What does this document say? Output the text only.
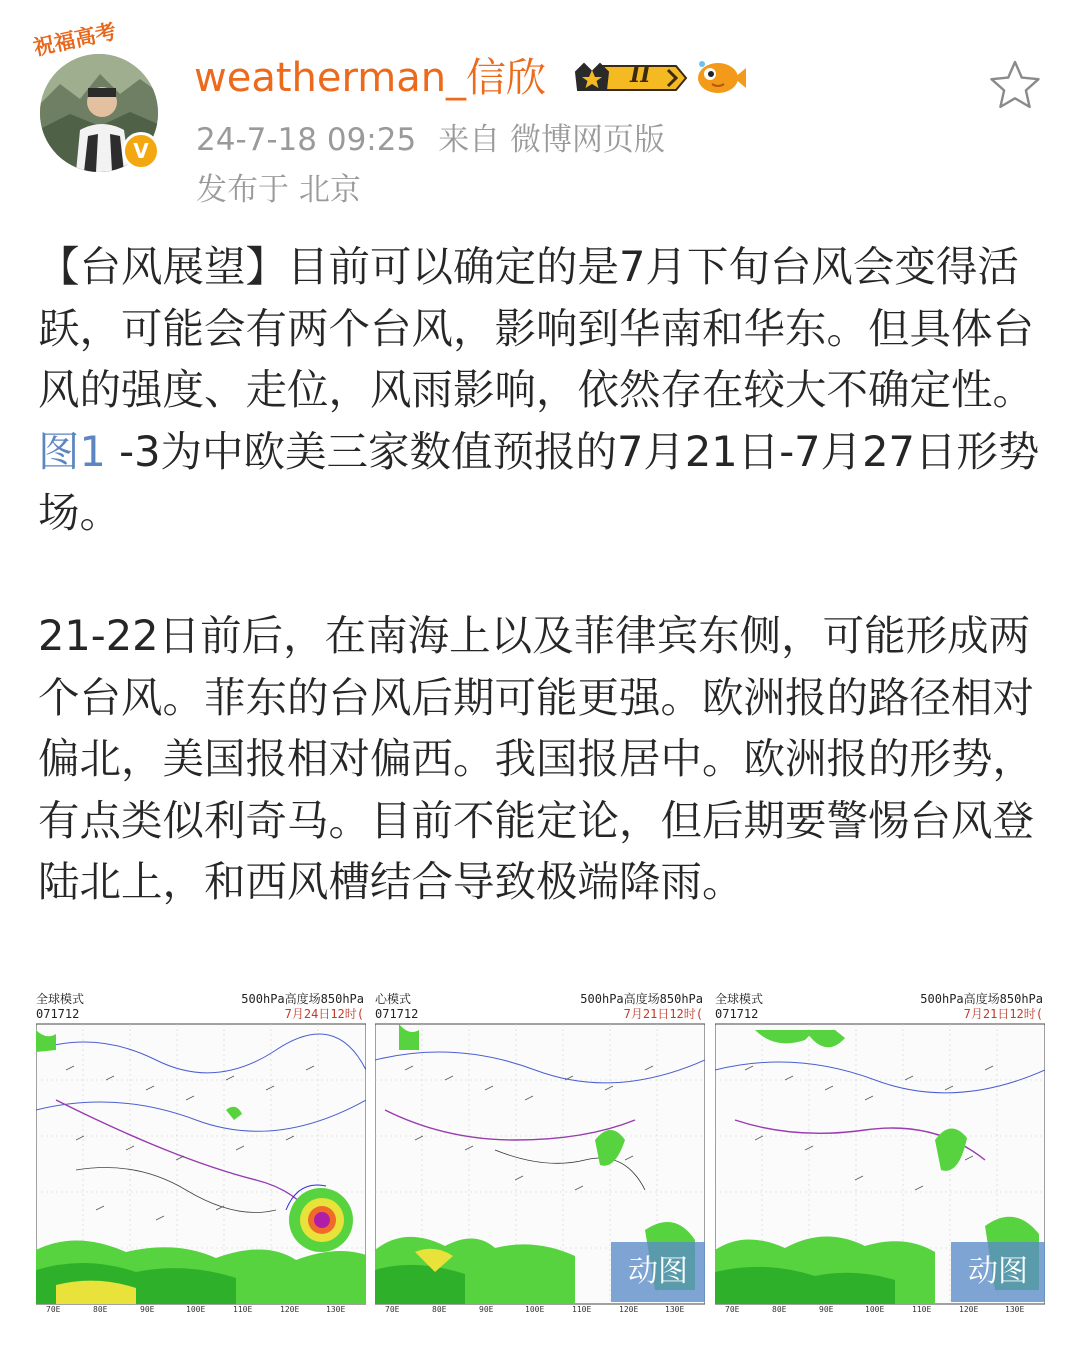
祝福高考
V
weatherman_信欣	II
24-7-18 09:25 来自 微博网页版
发布于 北京

【台风展望】目前可以确定的是7月下旬台风会变得活跃，可能会有两个台风，影响到华南和华东。但具体台风的强度、走位，风雨影响，依然存在较大不确定性。图1 -3为中欧美三家数值预报的7月21日-7月27日形势场。

21-22日前后，在南海上以及菲律宾东侧，可能形成两个台风。菲东的台风后期可能更强。欧洲报的路径相对偏北，美国报相对偏西。我国报居中。欧洲报的形势，有点类似利奇马。目前不能定论，但后期要警惕台风登陆北上，和西风槽结合导致极端降雨。

全球模式
071712
500hPa高度场850hPa
7月24日12时(
70E	80E	90E	100E	110E	120E	130E
心模式
071712
500hPa高度场850hPa
7月21日12时(
70E	80E	90E	100E	110E	120E	130E
动图
全球模式
071712
500hPa高度场850hPa
7月21日12时(
70E	80E	90E	100E	110E	120E	130E
动图
